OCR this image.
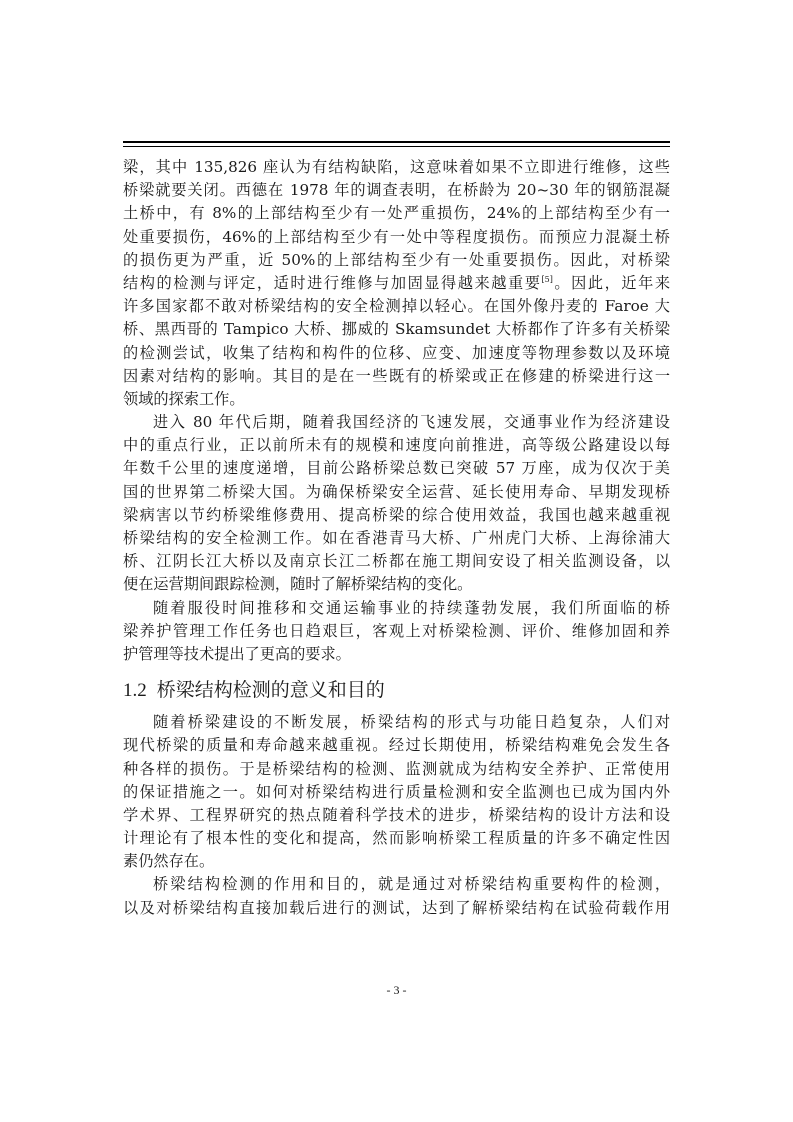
梁，其中 135,826 座认为有结构缺陷，这意味着如果不立即进行维修，这些
桥梁就要关闭。西德在 1978 年的调查表明，在桥龄为 20~30 年的钢筋混凝
土桥中，有 8%的上部结构至少有一处严重损伤，24%的上部结构至少有一
处重要损伤，46%的上部结构至少有一处中等程度损伤。而预应力混凝土桥
的损伤更为严重，近 50%的上部结构至少有一处重要损伤。因此，对桥梁
结构的检测与评定，适时进行维修与加固显得越来越重要[5]。因此，近年来
许多国家都不敢对桥梁结构的安全检测掉以轻心。在国外像丹麦的 Faroe 大
桥、黑西哥的 Tampico 大桥、挪威的 Skamsundet 大桥都作了许多有关桥梁
的检测尝试，收集了结构和构件的位移、应变、加速度等物理参数以及环境
因素对结构的影响。其目的是在一些既有的桥梁或正在修建的桥梁进行这一
领域的探索工作。
进入 80 年代后期，随着我国经济的飞速发展，交通事业作为经济建设
中的重点行业，正以前所未有的规模和速度向前推进，高等级公路建设以每
年数千公里的速度递增，目前公路桥梁总数已突破 57 万座，成为仅次于美
国的世界第二桥梁大国。为确保桥梁安全运营、延长使用寿命、早期发现桥
梁病害以节约桥梁维修费用、提高桥梁的综合使用效益，我国也越来越重视
桥梁结构的安全检测工作。如在香港青马大桥、广州虎门大桥、上海徐浦大
桥、江阴长江大桥以及南京长江二桥都在施工期间安设了相关监测设备，以
便在运营期间跟踪检测，随时了解桥梁结构的变化。
随着服役时间推移和交通运输事业的持续蓬勃发展，我们所面临的桥
梁养护管理工作任务也日趋艰巨，客观上对桥梁检测、评价、维修加固和养
护管理等技术提出了更高的要求。
1.2 桥梁结构检测的意义和目的
随着桥梁建设的不断发展，桥梁结构的形式与功能日趋复杂，人们对
现代桥梁的质量和寿命越来越重视。经过长期使用，桥梁结构难免会发生各
种各样的损伤。于是桥梁结构的检测、监测就成为结构安全养护、正常使用
的保证措施之一。如何对桥梁结构进行质量检测和安全监测也已成为国内外
学术界、工程界研究的热点随着科学技术的进步，桥梁结构的设计方法和设
计理论有了根本性的变化和提高，然而影响桥梁工程质量的许多不确定性因
素仍然存在。
桥梁结构检测的作用和目的，就是通过对桥梁结构重要构件的检测，
以及对桥梁结构直接加载后进行的测试，达到了解桥梁结构在试验荷载作用
- 3 -
